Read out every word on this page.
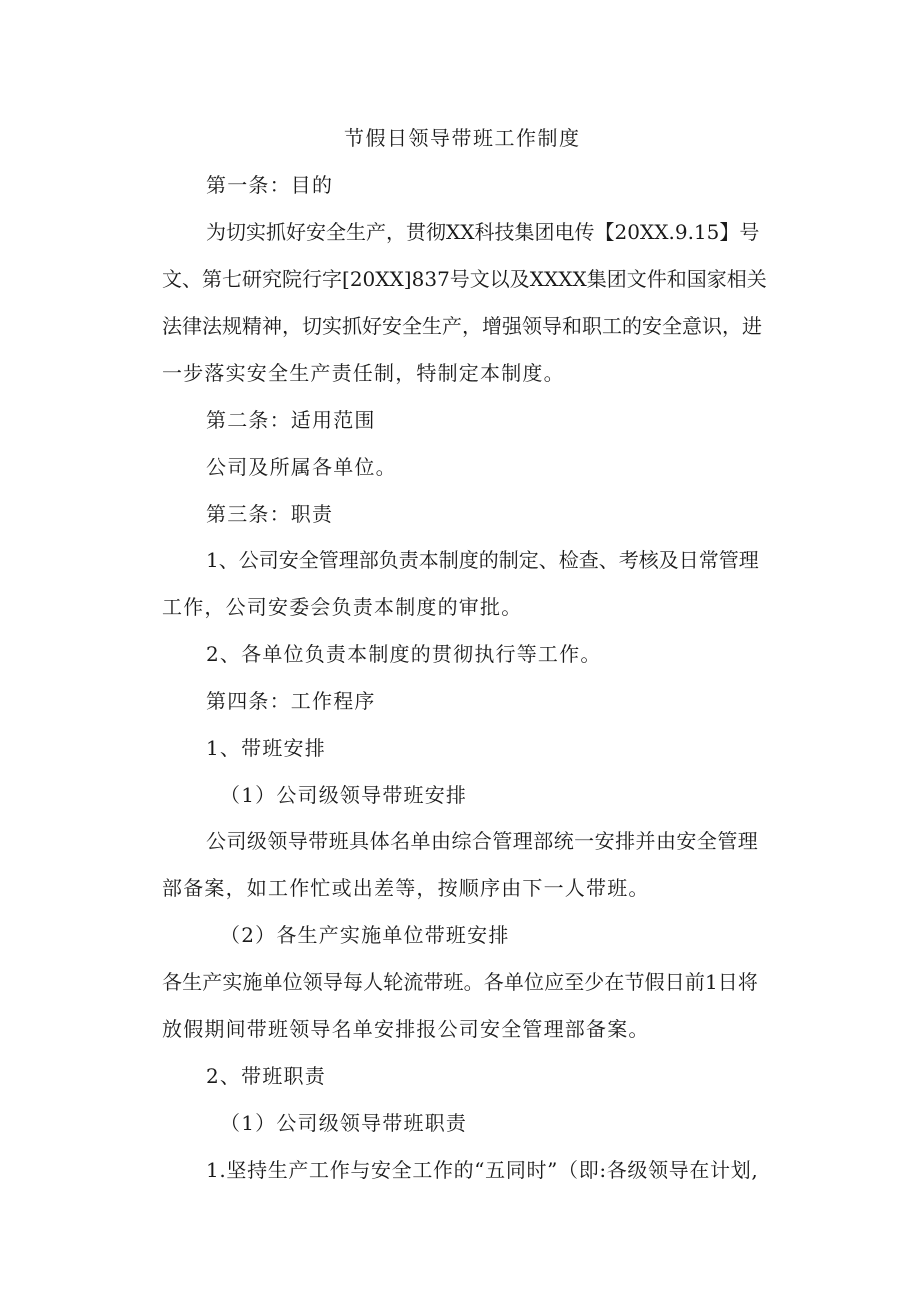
节假日领导带班工作制度
第一条：目的
为 切 实 抓 好 安 全 生 产 ， 贯 彻 X X 科 技 集 团 电 传 【 2 0 X X . 9 . 1 5 】 号
文 、 第 七 研 究 院 行 字 [ 2 0 X X ] 8 3 7 号 文 以 及 X X X X 集 团 文 件 和 国 家 相 关
法 律 法 规 精 神 ， 切 实 抓 好 安 全 生 产 ， 增 强 领 导 和 职 工 的 安 全 意 识 ， 进
一步落实安全生产责任制，特制定本制度。
第二条：适用范围
公司及所属各单位。
第三条：职责
1 、 公 司 安 全 管 理 部 负 责 本 制 度 的 制 定 、 检 查 、 考 核 及 日 常 管 理
工作，公司安委会负责本制度的审批。
2、各单位负责本制度的贯彻执行等工作。
第四条：工作程序
1、带班安排
（1）公司级领导带班安排
公 司 级 领 导 带 班 具 体 名 单 由 综 合 管 理 部 统 一 安 排 并 由 安 全 管 理
部备案，如工作忙或出差等，按顺序由下一人带班。
（2）各生产实施单位带班安排
各 生 产 实 施 单 位 领 导 每 人 轮 流 带 班 。 各 单 位 应 至 少 在 节 假 日 前 1 日 将
放假期间带班领导名单安排报公司安全管理部备案。
2、带班职责
（1）公司级领导带班职责
1 . 坚 持 生 产 工 作 与 安 全 工 作 的 “ 五 同 时 ” （ 即 : 各 级 领 导 在 计 划 ,
